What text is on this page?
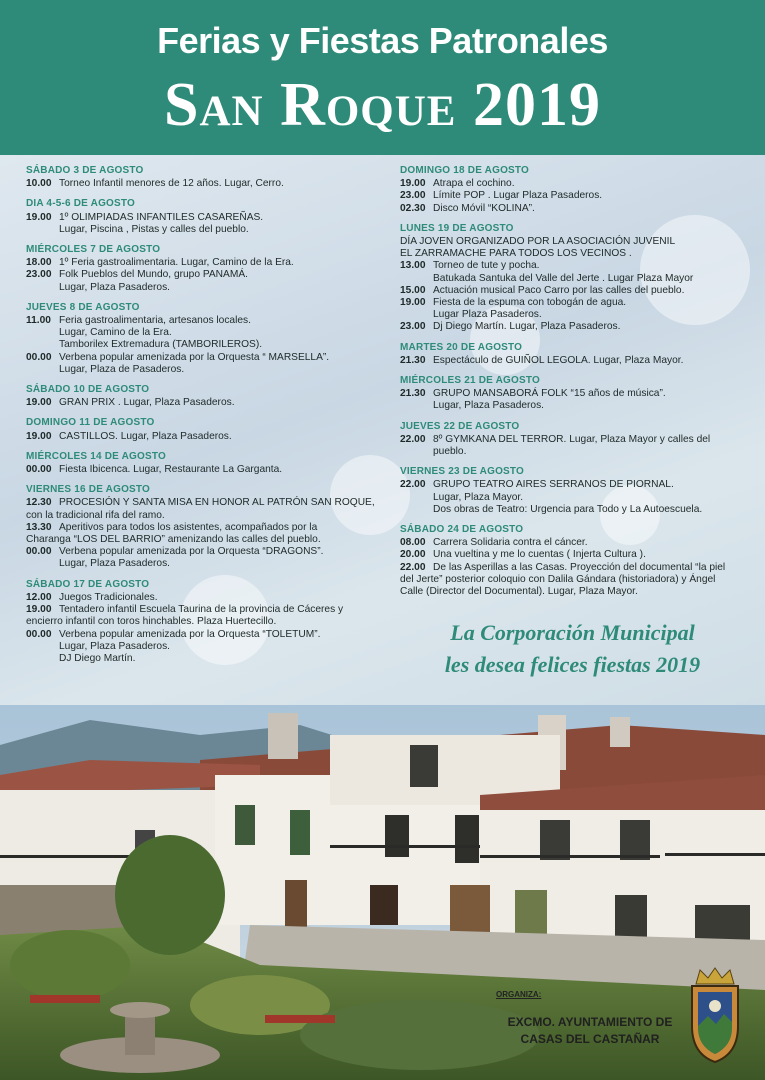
Ferias y Fiestas Patronales
San Roque 2019
SÁBADO 3 DE AGOSTO
10.00 Torneo Infantil menores de 12 años. Lugar, Cerro.
DIA 4-5-6 DE AGOSTO
19.00 1º OLIMPIADAS INFANTILES CASAREÑAS.
Lugar, Piscina , Pistas y calles del pueblo.
MIÉRCOLES 7 DE AGOSTO
18.00 1º Feria gastroalimentaria. Lugar, Camino de la Era.
23.00 Folk Pueblos del Mundo, grupo PANAMÁ.
Lugar, Plaza Pasaderos.
JUEVES 8 DE AGOSTO
11.00 Feria gastroalimentaria, artesanos locales.
Lugar, Camino de la Era.
Tamborilex Extremadura (TAMBORILEROS).
00.00 Verbena popular amenizada por la Orquesta “ MARSELLA”.
Lugar, Plaza de Pasaderos.
SÁBADO 10 DE AGOSTO
19.00 GRAN PRIX . Lugar, Plaza Pasaderos.
DOMINGO 11 DE AGOSTO
19.00 CASTILLOS. Lugar, Plaza Pasaderos.
MIÉRCOLES 14 DE AGOSTO
00.00 Fiesta Ibicenca. Lugar, Restaurante La Garganta.
VIERNES 16 DE AGOSTO
12.30 PROCESIÓN Y SANTA MISA EN HONOR AL PATRÓN SAN ROQUE,
con la tradicional rifa del ramo.
13.30 Aperitivos para todos los asistentes, acompañados por la
Charanga “LOS DEL BARRIO” amenizando las calles del pueblo.
00.00 Verbena popular amenizada por la Orquesta “DRAGONS”.
Lugar, Plaza Pasaderos.
SÁBADO 17 DE AGOSTO
12.00 Juegos Tradicionales.
19.00 Tentadero infantil Escuela Taurina de la provincia de Cáceres y
encierro infantil con toros hinchables. Plaza Huertecillo.
00.00 Verbena popular amenizada por la Orquesta “TOLETUM”.
Lugar, Plaza Pasaderos.
DJ Diego Martín.
DOMINGO 18 DE AGOSTO
19.00 Atrapa el cochino.
23.00 Límite POP . Lugar Plaza Pasaderos.
02.30 Disco Móvil “KOLINA”.
LUNES 19 DE AGOSTO
DÍA JOVEN ORGANIZADO POR LA ASOCIACIÓN JUVENIL
EL ZARRAMACHE PARA TODOS LOS VECINOS .
13.00 Torneo de tute y pocha.
Batukada Santuka del Valle del Jerte . Lugar Plaza Mayor
15.00 Actuación musical Paco Carro por las calles del pueblo.
19.00 Fiesta de la espuma con tobogán de agua.
Lugar Plaza Pasaderos.
23.00 Dj Diego Martín. Lugar, Plaza Pasaderos.
MARTES 20 DE AGOSTO
21.30 Espectáculo de GUIÑOL LEGOLA. Lugar, Plaza Mayor.
MIÉRCOLES 21 DE AGOSTO
21.30 GRUPO MANSABORÁ FOLK “15 años de música”.
Lugar, Plaza Pasaderos.
JUEVES 22 DE AGOSTO
22.00 8º GYMKANA DEL TERROR. Lugar, Plaza Mayor y calles del pueblo.
VIERNES 23 DE AGOSTO
22.00 GRUPO TEATRO AIRES SERRANOS DE PIORNAL.
Lugar, Plaza Mayor.
Dos obras de Teatro: Urgencia para Todo y La Autoescuela.
SÁBADO 24 DE AGOSTO
08.00 Carrera Solidaria contra el cáncer.
20.00 Una vueltina y me lo cuentas ( Injerta Cultura ).
22.00 De las Asperillas a las Casas. Proyección del documental “la piel
del Jerte” posterior coloquio con Dalila Gándara (historiadora) y Ángel
Calle (Director del Documental). Lugar, Plaza Mayor.
La Corporación Municipal
les desea felices fiestas 2019
ORGANIZA:
EXCMO. AYUNTAMIENTO DE
CASAS DEL CASTAÑAR
